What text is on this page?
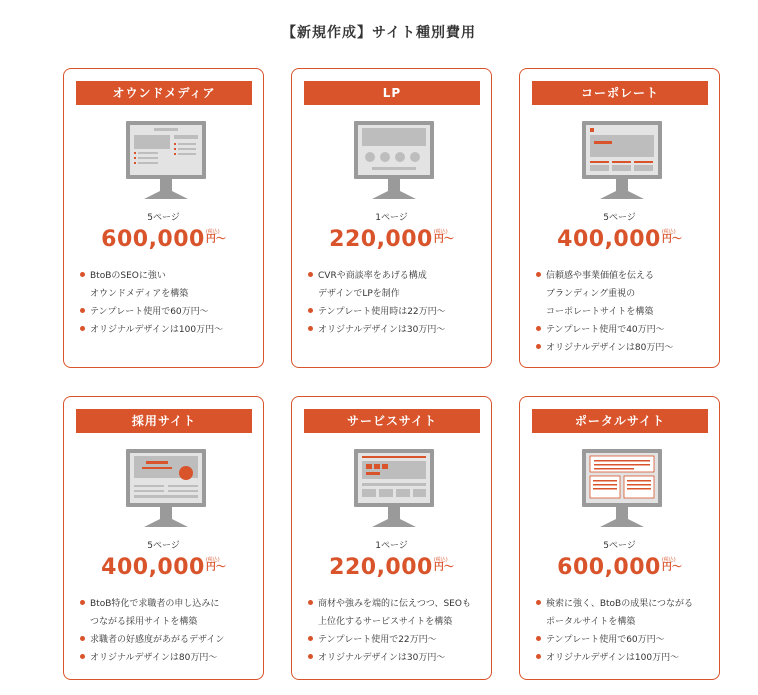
【新規作成】サイト種別費用
オウンドメディア
5ページ
600,000 (税込)
円〜
BtoBのSEOに強い
オウンドメディアを構築
テンプレート使用で60万円〜
オリジナルデザインは100万円〜
LP
1ページ
220,000 (税込)
円〜
CVRや商談率をあげる構成
デザインでLPを制作
テンプレート使用時は22万円〜
オリジナルデザインは30万円〜
コーポレート
5ページ
400,000 (税込)
円〜
信頼感や事業価値を伝える
ブランディング重視の
コーポレートサイトを構築
テンプレート使用で40万円〜
オリジナルデザインは80万円〜
採用サイト
5ページ
400,000 (税込)
円〜
BtoB特化で求職者の申し込みに
つながる採用サイトを構築
求職者の好感度があがるデザイン
オリジナルデザインは80万円〜
サービスサイト
1ページ
220,000 (税込)
円〜
商材や強みを端的に伝えつつ、SEOも
上位化するサービスサイトを構築
テンプレート使用で22万円〜
オリジナルデザインは30万円〜
ポータルサイト
5ページ
600,000 (税込)
円〜
検索に強く、BtoBの成果につながる
ポータルサイトを構築
テンプレート使用で60万円〜
オリジナルデザインは100万円〜
